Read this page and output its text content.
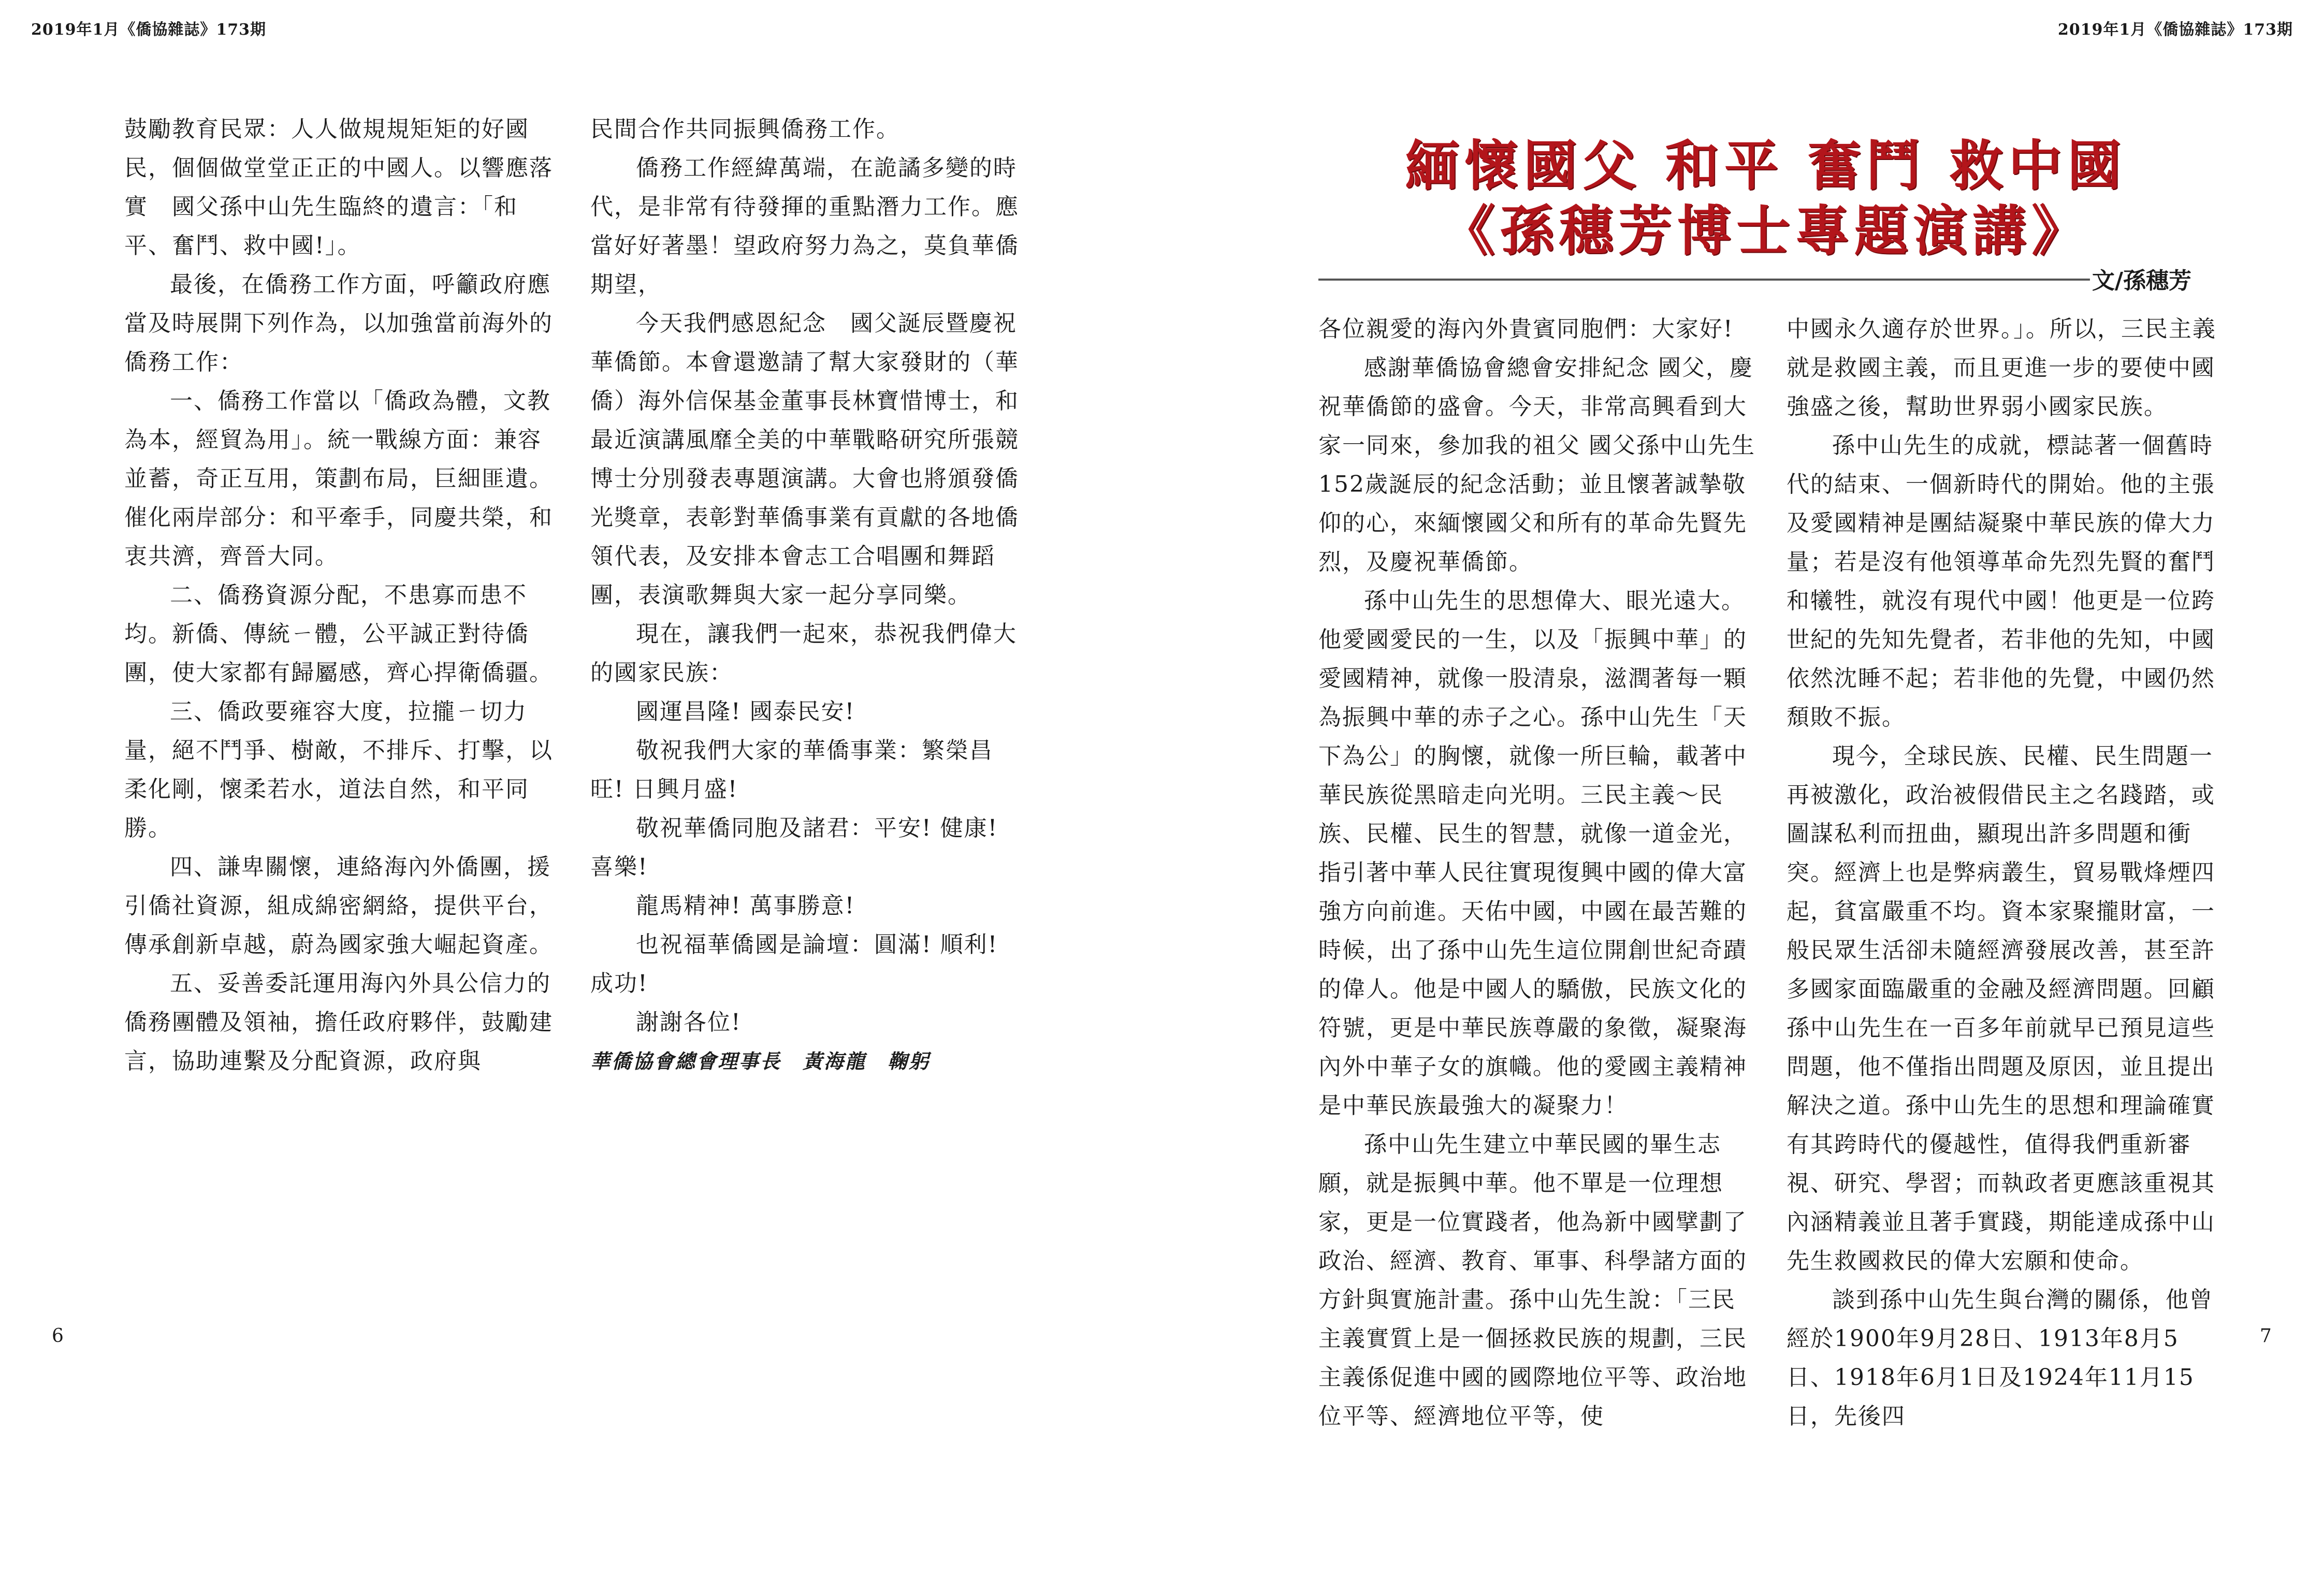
2019年1月《僑協雜誌》173期	2019年1月《僑協雜誌》173期

鼓勵教育民眾：人人做規規矩矩的好國民，個個做堂堂正正的中國人。以響應落實　國父孫中山先生臨終的遺言：「和平、奮鬥、救中國!」。

最後，在僑務工作方面，呼籲政府應當及時展開下列作為，以加強當前海外的僑務工作：

一、僑務工作當以「僑政為體，文教為本，經貿為用」。統一戰線方面：兼容並蓄，奇正互用，策劃布局，巨細匪遺。催化兩岸部分：和平牽手，同慶共榮，和衷共濟，齊晉大同。

二、僑務資源分配，不患寡而患不均。新僑、傳統ㄧ體，公平誠正對待僑團，使大家都有歸屬感，齊心捍衛僑疆。

三、僑政要雍容大度，拉攏ㄧ切力量，絕不鬥爭、樹敵，不排斥、打擊，以柔化剛，懷柔若水，道法自然，和平同勝。

四、謙卑關懷，連絡海內外僑團，援引僑社資源，組成綿密網絡，提供平台，傳承創新卓越，蔚為國家強大崛起資產。

五、妥善委託運用海內外具公信力的僑務團體及領袖，擔任政府夥伴，鼓勵建言，協助連繫及分配資源，政府與

民間合作共同振興僑務工作。

僑務工作經緯萬端，在詭譎多變的時代，是非常有待發揮的重點潛力工作。應當好好著墨！望政府努力為之，莫負華僑期望，

今天我們感恩紀念　國父誕辰暨慶祝華僑節。本會還邀請了幫大家發財的（華僑）海外信保基金董事長林寶惜博士，和最近演講風靡全美的中華戰略研究所張競博士分別發表專題演講。大會也將頒發僑光獎章，表彰對華僑事業有貢獻的各地僑領代表，及安排本會志工合唱團和舞蹈團，表演歌舞與大家一起分享同樂。

現在，讓我們一起來，恭祝我們偉大的國家民族：

國運昌隆! 國泰民安!

敬祝我們大家的華僑事業：繁榮昌旺! 日興月盛!

敬祝華僑同胞及諸君：平安! 健康! 喜樂!

龍馬精神! 萬事勝意!

也祝福華僑國是論壇：圓滿! 順利! 成功!

謝謝各位!

華僑協會總會理事長　黃海龍　鞠躬

6
緬懷國父 和平 奮鬥 救中國
《孫穗芳博士專題演講》
文/孫穗芳

各位親愛的海內外貴賓同胞們：大家好!

感謝華僑協會總會安排紀念 國父，慶祝華僑節的盛會。今天，非常高興看到大家一同來，參加我的祖父 國父孫中山先生152歲誕辰的紀念活動；並且懷著誠摯敬仰的心，來緬懷國父和所有的革命先賢先烈，及慶祝華僑節。

孫中山先生的思想偉大、眼光遠大。他愛國愛民的一生，以及「振興中華」的愛國精神，就像一股清泉，滋潤著每一顆為振興中華的赤子之心。孫中山先生「天下為公」的胸懷，就像一所巨輪，載著中華民族從黑暗走向光明。三民主義～民族、民權、民生的智慧，就像一道金光，指引著中華人民往實現復興中國的偉大富強方向前進。天佑中國，中國在最苦難的時候，出了孫中山先生這位開創世紀奇蹟的偉人。他是中國人的驕傲，民族文化的符號，更是中華民族尊嚴的象徵，凝聚海內外中華子女的旗幟。他的愛國主義精神是中華民族最強大的凝聚力！

孫中山先生建立中華民國的畢生志願，就是振興中華。他不單是一位理想家，更是一位實踐者，他為新中國擘劃了政治、經濟、教育、軍事、科學諸方面的方針與實施計畫。孫中山先生說：「三民主義實質上是一個拯救民族的規劃，三民主義係促進中國的國際地位平等、政治地位平等、經濟地位平等，使

中國永久適存於世界。」。所以，三民主義就是救國主義，而且更進一步的要使中國強盛之後，幫助世界弱小國家民族。

孫中山先生的成就，標誌著一個舊時代的結束、一個新時代的開始。他的主張及愛國精神是團結凝聚中華民族的偉大力量；若是沒有他領導革命先烈先賢的奮鬥和犧牲，就沒有現代中國！他更是一位跨世紀的先知先覺者，若非他的先知，中國依然沈睡不起；若非他的先覺，中國仍然頹敗不振。

現今，全球民族、民權、民生問題一再被激化，政治被假借民主之名踐踏，或圖謀私利而扭曲，顯現出許多問題和衝突。經濟上也是弊病叢生，貿易戰烽煙四起，貧富嚴重不均。資本家聚攏財富，一般民眾生活卻未隨經濟發展改善，甚至許多國家面臨嚴重的金融及經濟問題。回顧孫中山先生在一百多年前就早已預見這些問題，他不僅指出問題及原因，並且提出解決之道。孫中山先生的思想和理論確實有其跨時代的優越性，值得我們重新審視、研究、學習；而執政者更應該重視其內涵精義並且著手實踐，期能達成孫中山先生救國救民的偉大宏願和使命。

談到孫中山先生與台灣的關係，他曾經於1900年9月28日、1913年8月5日、1918年6月1日及1924年11月15日，先後四

7
